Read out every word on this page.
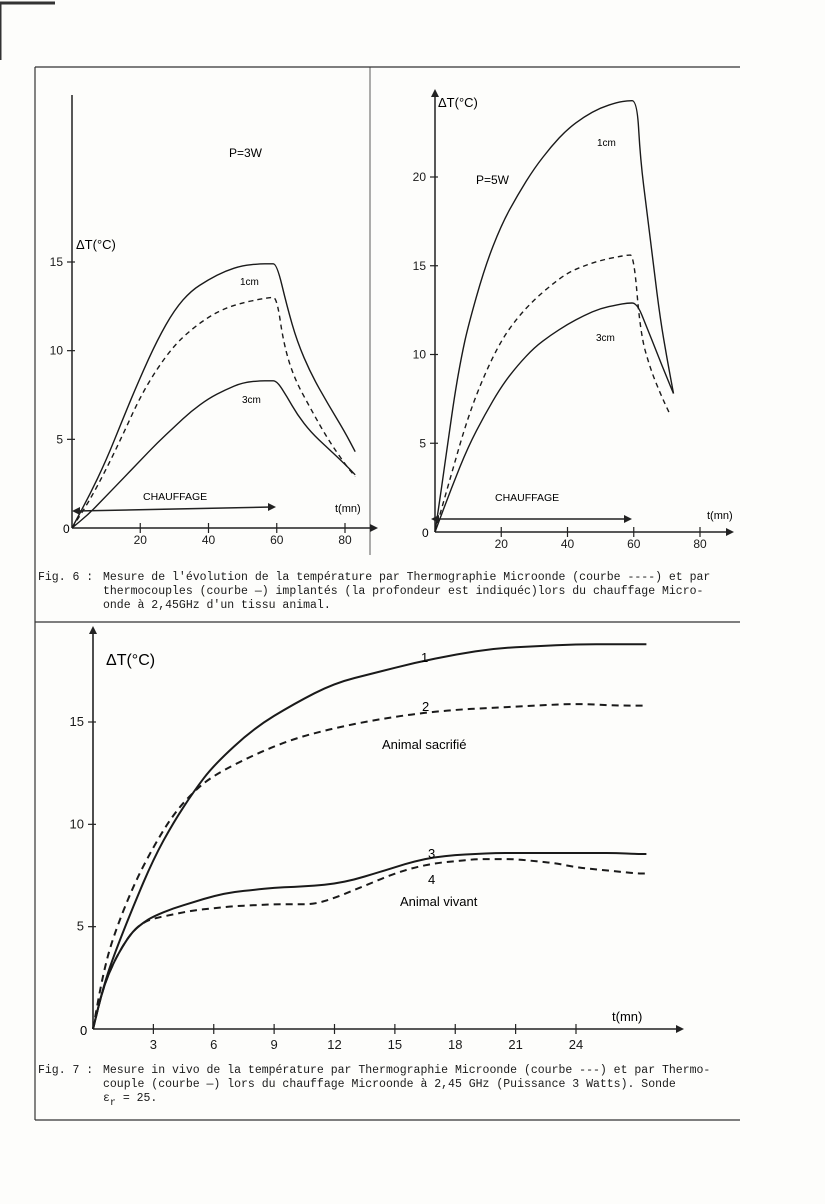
20	40	60	80
5
10
15
ΔT(°C)
P=3W
t(mn)
CHAUFFAGE
1cm
3cm
0
20	40	60	80
5
10
15
20
ΔT(°C)
P=5W
t(mn)
CHAUFFAGE
1cm
3cm
0
3	6	9	12	15	18	21	24
5
10
15
ΔT(°C)
t(mn)
0
1
2
3
4
Animal sacrifié
Animal vivant
Fig. 6 : Mesure de l'évolution de la température par Thermographie Microonde (courbe ----) et par
thermocouples (courbe —) implantés (la profondeur est indiquéc)lors du chauffage Micro-
onde à 2,45GHz d'un tissu animal.
Fig. 7 : Mesure in vivo de la température par Thermographie Microonde (courbe ---) et par Thermo-
couple (courbe —) lors du chauffage Microonde à 2,45 GHz (Puissance 3 Watts). Sonde
εr = 25.
